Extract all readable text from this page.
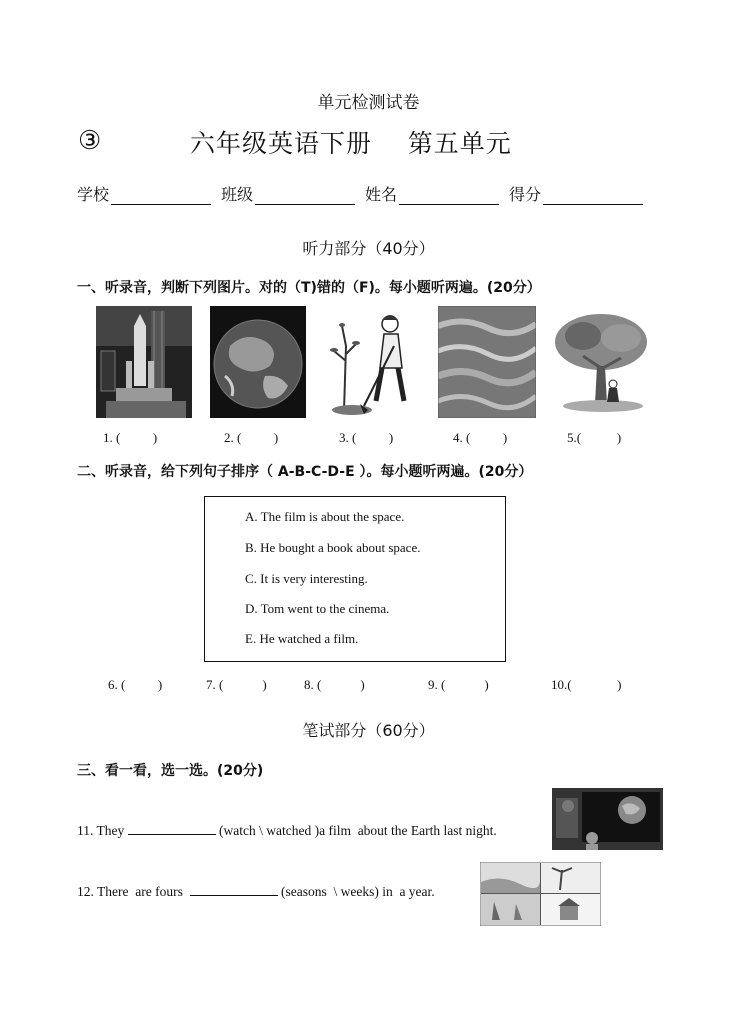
单元检测试卷
③	六年级英语下册    第五单元
学校	班级	姓名	得分
听力部分（40分）
一、听录音，判断下列图片。对的（T)错的（F)。每小题听两遍。(20分）
1. (          )	2. (          )	3. (          )	4. (          )	5.(           )
二、听录音，给下列句子排序（ A-B-C-D-E ）。每小题听两遍。(20分）
A. The film is about the space.
B. He bought a book about space.
C. It is very interesting.
D. Tom went to the cinema.
E. He watched a film.
6. (          )	7. (            )	8. (            )	9. (            )	10.(              )
笔试部分（60分）
三、看一看，选一选。(20分)
11. They	(watch \ watched )a film  about the Earth last night.
12. There  are fours	(seasons  \ weeks) in  a year.
